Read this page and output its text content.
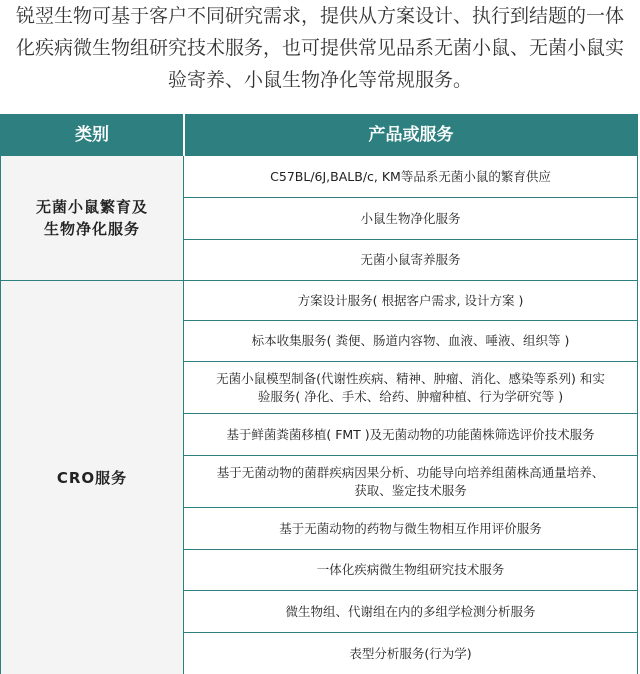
锐翌生物可基于客户不同研究需求，提供从方案设计、执行到结题的一体

化疾病微生物组研究技术服务，也可提供常见品系无菌小鼠、无菌小鼠实

验寄养、小鼠生物净化等常规服务。

类别	产品或服务
无菌小鼠繁育及
生物净化服务
C57BL/6J,BALB/c, KM等品系无菌小鼠的繁育供应
小鼠生物净化服务
无菌小鼠寄养服务
CRO服务
方案设计服务( 根据客户需求, 设计方案 )
标本收集服务( 粪便、肠道内容物、血液、唾液、组织等 )
无菌小鼠模型制备(代谢性疾病、精神、肿瘤、消化、感染等系列) 和实验服务( 净化、手术、给药、肿瘤种植、行为学研究等 )
基于鲜菌粪菌移植( FMT )及无菌动物的功能菌株筛选评价技术服务
基于无菌动物的菌群疾病因果分析、功能导向培养组菌株高通量培养、获取、鉴定技术服务
基于无菌动物的药物与微生物相互作用评价服务
一体化疾病微生物组研究技术服务
微生物组、代谢组在内的多组学检测分析服务
表型分析服务(行为学)
